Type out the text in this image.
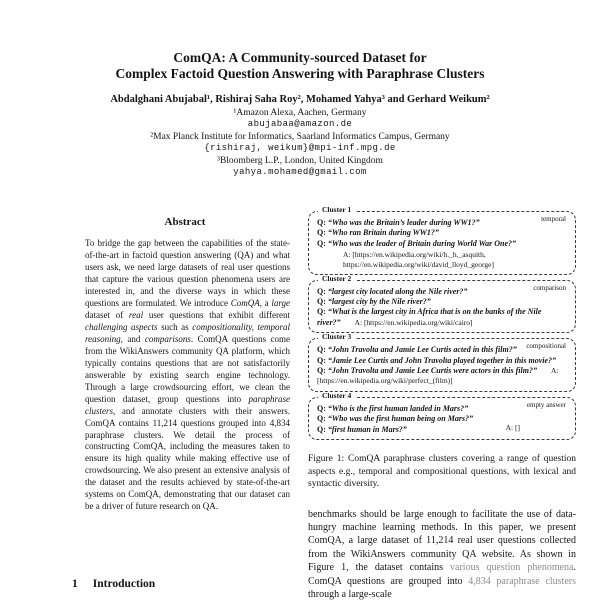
ComQA: A Community-sourced Dataset for
Complex Factoid Question Answering with Paraphrase Clusters
Abdalghani Abujabal¹, Rishiraj Saha Roy², Mohamed Yahya³ and Gerhard Weikum²
¹Amazon Alexa, Aachen, Germany
abujabaa@amazon.de
²Max Planck Institute for Informatics, Saarland Informatics Campus, Germany
{rishiraj, weikum}@mpi-inf.mpg.de
³Bloomberg L.P., London, United Kingdom
yahya.mohamed@gmail.com
Abstract
To bridge the gap between the capabilities of the state-of-the-art in factoid question answering (QA) and what users ask, we need large datasets of real user questions that capture the various question phenomena users are interested in, and the diverse ways in which these questions are formulated. We introduce ComQA, a large dataset of real user questions that exhibit different challenging aspects such as compositionality, temporal reasoning, and comparisons. ComQA questions come from the WikiAnswers community QA platform, which typically contains questions that are not satisfactorily answerable by existing search engine technology. Through a large crowdsourcing effort, we clean the question dataset, group questions into paraphrase clusters, and annotate clusters with their answers. ComQA contains 11,214 questions grouped into 4,834 paraphrase clusters. We detail the process of constructing ComQA, including the measures taken to ensure its high quality while making effective use of crowdsourcing. We also present an extensive analysis of the dataset and the results achieved by state-of-the-art systems on ComQA, demonstrating that our dataset can be a driver of future research on QA.
1 Introduction
Cluster 1
temporal
Q: “Who was the Britain’s leader during WW1?”
Q: “Who ran Britain during WW1?”
Q: “Who was the leader of Britain during World War One?”
A: [https://en.wikipedia.org/wiki/h._h._asquith, https://en.wikipedia.org/wiki/david_lloyd_george]
Cluster 2
comparison
Q: “largest city located along the Nile river?”
Q: “largest city by the Nile river?”
Q: “What is the largest city in Africa that is on the banks of the Nile river?” A: [https://en.wikipedia.org/wiki/cairo]
Cluster 3
compositional
Q: “John Travolta and Jamie Lee Curtis acted in this film?”
Q: “Jamie Lee Curtis and John Travolta played together in this movie?”
Q: “John Travolta and Jamie Lee Curtis were actors in this film?” A: [https://en.wikipedia.org/wiki/perfect_(film)]
Cluster 4
empty answer
Q: “Who is the first human landed in Mars?”
Q: “Who was the first human being on Mars?”
Q: “first human in Mars?”	A: []
Figure 1: ComQA paraphrase clusters covering a range of question aspects e.g., temporal and compositional questions, with lexical and syntactic diversity.
benchmarks should be large enough to facilitate the use of data-hungry machine learning methods. In this paper, we present ComQA, a large dataset of 11,214 real user questions collected from the WikiAnswers community QA website. As shown in Figure 1, the dataset contains various question phenomena. ComQA questions are grouped into 4,834 paraphrase clusters through a large-scale
